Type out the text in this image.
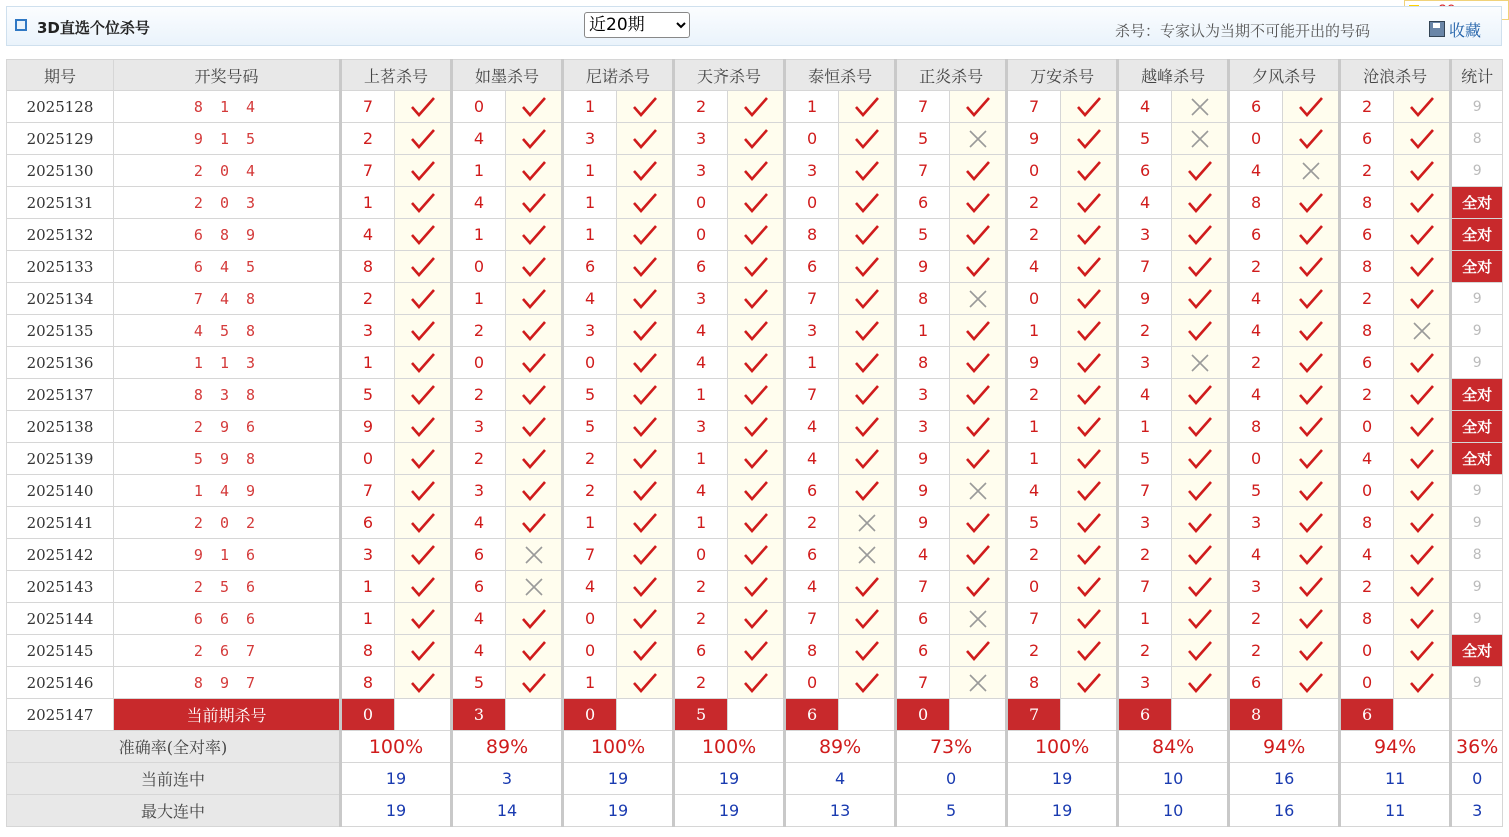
3D直选个位杀号
近20期	杀号：专家认为当期不可能开出的号码	收藏
期号	开奖号码	上茗杀号		如墨杀号		尼诺杀号		天齐杀号		泰恒杀号		正炎杀号		万安杀号		越峰杀号		夕风杀号		沧浪杀号		统计
2025128	8 1 4	7		0		1		2		1		7		7		4		6		2		9
2025129	9 1 5	2		4		3		3		0		5		9		5		0		6		8
2025130	2 0 4	7		1		1		3		3		7		0		6		4		2		9
2025131	2 0 3	1		4		1		0		0		6		2		4		8		8		全对
2025132	6 8 9	4		1		1		0		8		5		2		3		6		6		全对
2025133	6 4 5	8		0		6		6		6		9		4		7		2		8		全对
2025134	7 4 8	2		1		4		3		7		8		0		9		4		2		9
2025135	4 5 8	3		2		3		4		3		1		1		2		4		8		9
2025136	1 1 3	1		0		0		4		1		8		9		3		2		6		9
2025137	8 3 8	5		2		5		1		7		3		2		4		4		2		全对
2025138	2 9 6	9		3		5		3		4		3		1		1		8		0		全对
2025139	5 9 8	0		2		2		1		4		9		1		5		0		4		全对
2025140	1 4 9	7		3		2		4		6		9		4		7		5		0		9
2025141	2 0 2	6		4		1		1		2		9		5		3		3		8		9
2025142	9 1 6	3		6		7		0		6		4		2		2		4		4		8
2025143	2 5 6	1		6		4		2		4		7		0		7		3		2		9
2025144	6 6 6	1		4		0		2		7		6		7		1		2		8		9
2025145	2 6 7	8		4		0		6		8		6		2		2		2		0		全对
2025146	8 9 7	8		5		1		2		0		7		8		3		6		0		9
2025147	当前期杀号	0		3		0		5		6		0		7		6		8		6		
准确率(全对率)		100%		89%		100%		100%		89%		73%		100%		84%		94%		94%		36%
当前连中		19		3		19		19		4		0		19		10		16		11		0
最大连中		19		14		19		19		13		5		19		10		16		11		3
